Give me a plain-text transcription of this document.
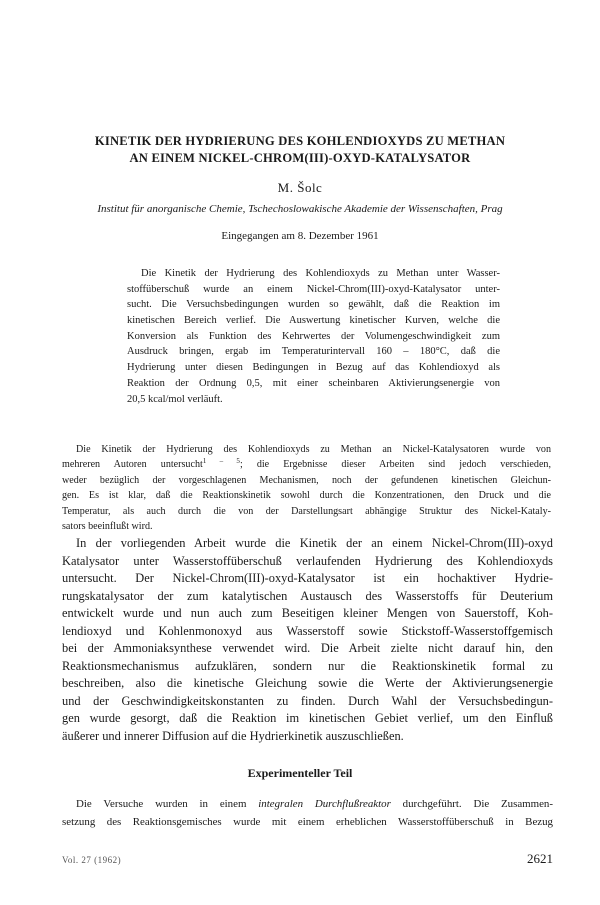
KINETIK DER HYDRIERUNG DES KOHLENDIOXYDS ZU METHAN
AN EINEM NICKEL-CHROM(III)-OXYD-KATALYSATOR
M. Šolc
Institut für anorganische Chemie, Tschechoslowakische Akademie der Wissenschaften, Prag
Eingegangen am 8. Dezember 1961
Die Kinetik der Hydrierung des Kohlendioxyds zu Methan unter Wasser-
stoffüberschuß wurde an einem Nickel-Chrom(III)-oxyd-Katalysator unter-
sucht. Die Versuchsbedingungen wurden so gewählt, daß die Reaktion im
kinetischen Bereich verlief. Die Auswertung kinetischer Kurven, welche die
Konversion als Funktion des Kehrwertes der Volumengeschwindigkeit zum
Ausdruck bringen, ergab im Temperaturintervall 160 – 180°C, daß die
Hydrierung unter diesen Bedingungen in Bezug auf das Kohlendioxyd als
Reaktion der Ordnung 0,5, mit einer scheinbaren Aktivierungsenergie von
20,5 kcal/mol verläuft.
Die Kinetik der Hydrierung des Kohlendioxyds zu Methan an Nickel-Katalysatoren wurde von
mehreren Autoren untersucht$^{1 - 5}$; die Ergebnisse dieser Arbeiten sind jedoch verschieden,
weder bezüglich der vorgeschlagenen Mechanismen, noch der gefundenen kinetischen Gleichun-
gen. Es ist klar, daß die Reaktionskinetik sowohl durch die Konzentrationen, den Druck und die
Temperatur, als auch durch die von der Darstellungsart abhängige Struktur des Nickel-Kataly-
sators beeinflußt wird.
In der vorliegenden Arbeit wurde die Kinetik der an einem Nickel-Chrom(III)-oxyd
Katalysator unter Wasserstoffüberschuß verlaufenden Hydrierung des Kohlendioxyds
untersucht. Der Nickel-Chrom(III)-oxyd-Katalysator ist ein hochaktiver Hydrie-
rungskatalysator der zum katalytischen Austausch des Wasserstoffs für Deuterium
entwickelt wurde und nun auch zum Beseitigen kleiner Mengen von Sauerstoff, Koh-
lendioxyd und Kohlenmonoxyd aus Wasserstoff sowie Stickstoff-Wasserstoffgemisch
bei der Ammoniaksynthese verwendet wird. Die Arbeit zielte nicht darauf hin, den
Reaktionsmechanismus aufzuklären, sondern nur die Reaktionskinetik formal zu
beschreiben, also die kinetische Gleichung sowie die Werte der Aktivierungsenergie
und der Geschwindigkeitskonstanten zu finden. Durch Wahl der Versuchsbedingun-
gen wurde gesorgt, daß die Reaktion im kinetischen Gebiet verlief, um den Einfluß
äußerer und innerer Diffusion auf die Hydrierkinetik auszuschließen.
Experimenteller Teil
Die Versuche wurden in einem integralen Durchflußreaktor durchgeführt. Die Zusammen-
setzung des Reaktionsgemisches wurde mit einem erheblichen Wasserstoffüberschuß in Bezug
Vol. 27 (1962)	2621
